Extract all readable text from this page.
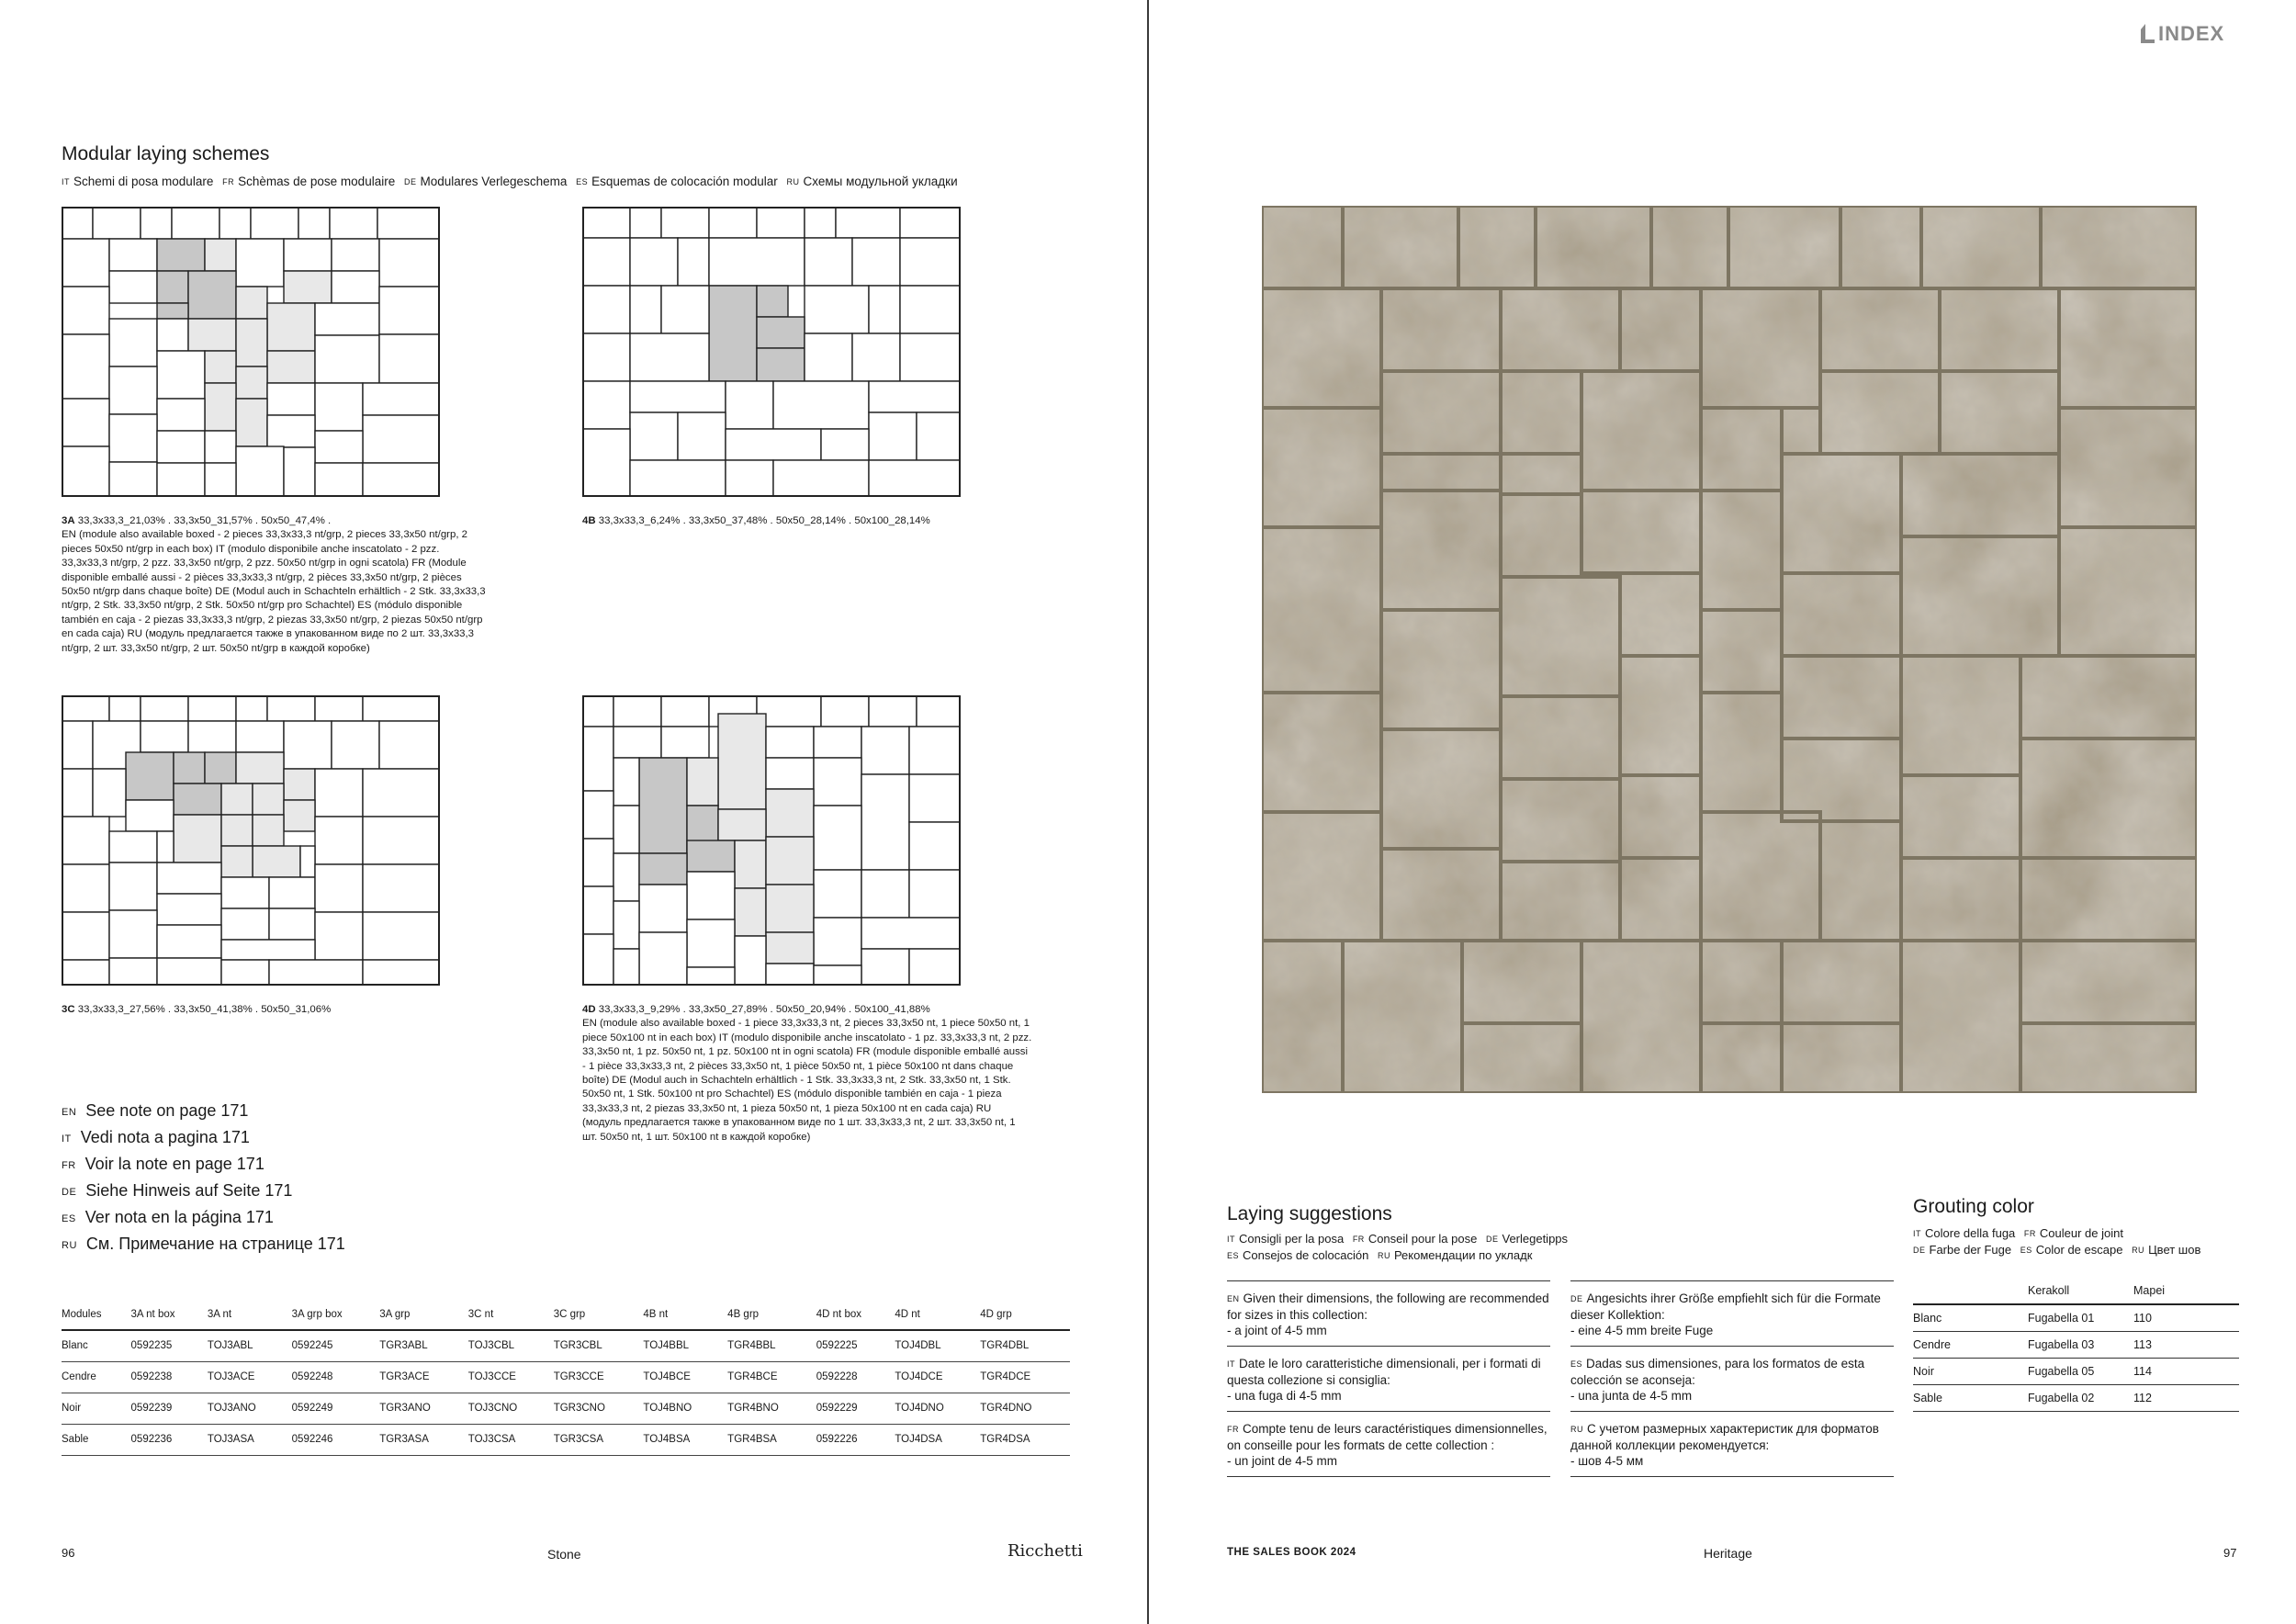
Modular laying schemes
IT Schemi di posa modulare FR Schèmas de pose modulaire DE Modulares Verlegeschema ES Esquemas de colocación modular RU Схемы модульной укладки
3A 33,3x33,3_21,03% . 33,3x50_31,57% . 50x50_47,4% .
EN (module also available boxed - 2 pieces 33,3x33,3 nt/grp, 2 pieces 33,3x50 nt/grp, 2 pieces 50x50 nt/grp in each box) IT (modulo disponibile anche inscatolato - 2 pzz. 33,3x33,3 nt/grp, 2 pzz. 33,3x50 nt/grp, 2 pzz. 50x50 nt/grp in ogni scatola) FR (Module disponible emballé aussi - 2 pièces 33,3x33,3 nt/grp, 2 pièces 33,3x50 nt/grp, 2 pièces 50x50 nt/grp dans chaque boîte) DE (Modul auch in Schachteln erhältlich - 2 Stk. 33,3x33,3 nt/grp, 2 Stk. 33,3x50 nt/grp, 2 Stk. 50x50 nt/grp pro Schachtel) ES (módulo disponible también en caja - 2 piezas 33,3x33,3 nt/grp, 2 piezas 33,3x50 nt/grp, 2 piezas 50x50 nt/grp en cada caja) RU (модуль предлагается также в упакованном виде по 2 шт. 33,3x33,3 nt/grp, 2 шт. 33,3x50 nt/grp, 2 шт. 50x50 nt/grp в каждой коробке)
4B 33,3x33,3_6,24% . 33,3x50_37,48% . 50x50_28,14% . 50x100_28,14%
3C 33,3x33,3_27,56% . 33,3x50_41,38% . 50x50_31,06%	4D 33,3x33,3_9,29% . 33,3x50_27,89% . 50x50_20,94% . 50x100_41,88%
EN (module also available boxed - 1 piece 33,3x33,3 nt, 2 pieces 33,3x50 nt, 1 piece 50x50 nt, 1 piece 50x100 nt in each box) IT (modulo disponibile anche inscatolato - 1 pz. 33,3x33,3 nt, 2 pzz. 33,3x50 nt, 1 pz. 50x50 nt, 1 pz. 50x100 nt in ogni scatola) FR (module disponible emballé aussi - 1 pièce 33,3x33,3 nt, 2 pièces 33,3x50 nt, 1 pièce 50x50 nt, 1 pièce 50x100 nt dans chaque boîte) DE (Modul auch in Schachteln erhältlich - 1 Stk. 33,3x33,3 nt, 2 Stk. 33,3x50 nt, 1 Stk. 50x50 nt, 1 Stk. 50x100 nt pro Schachtel) ES (módulo disponible también en caja - 1 pieza 33,3x33,3 nt, 2 piezas 33,3x50 nt, 1 pieza 50x50 nt, 1 pieza 50x100 nt en cada caja) RU (модуль предлагается также в упакованном виде по 1 шт. 33,3x33,3 nt, 2 шт. 33,3x50 nt, 1 шт. 50x50 nt, 1 шт. 50x100 nt в каждой коробке)
EN See note on page 171
IT Vedi nota a pagina 171
FR Voir la note en page 171
DE Siehe Hinweis auf Seite 171
ES Ver nota en la página 171
RU См. Примечание на странице 171
Modules	3A nt box	3A nt	3A grp box	3A grp	3C nt	3C grp	4B nt	4B grp	4D nt box	4D nt	4D grp
Blanc	0592235	TOJ3ABL	0592245	TGR3ABL	TOJ3CBL	TGR3CBL	TOJ4BBL	TGR4BBL	0592225	TOJ4DBL	TGR4DBL
Cendre	0592238	TOJ3ACE	0592248	TGR3ACE	TOJ3CCE	TGR3CCE	TOJ4BCE	TGR4BCE	0592228	TOJ4DCE	TGR4DCE
Noir	0592239	TOJ3ANO	0592249	TGR3ANO	TOJ3CNO	TGR3CNO	TOJ4BNO	TGR4BNO	0592229	TOJ4DNO	TGR4DNO
Sable	0592236	TOJ3ASA	0592246	TGR3ASA	TOJ3CSA	TGR3CSA	TOJ4BSA	TGR4BSA	0592226	TOJ4DSA	TGR4DSA
96	Stone	Ricchetti
INDEX
Laying suggestions
IT Consigli per la posa FR Conseil pour la pose DE Verlegetipps
ES Consejos de colocación RU Рекомендации по укладк
EN Given their dimensions, the following are recommended for sizes in this collection:
- a joint of 4-5 mm
IT Date le loro caratteristiche dimensionali, per i formati di questa collezione si consiglia:
- una fuga di 4-5 mm
FR Compte tenu de leurs caractéristiques dimensionnelles, on conseille pour les formats de cette collection :
- un joint de 4-5 mm
DE Angesichts ihrer Größe empfiehlt sich für die Formate dieser Kollektion:
- eine 4-5 mm breite Fuge
ES Dadas sus dimensiones, para los formatos de esta colección se aconseja:
- una junta de 4-5 mm
RU С учетом размерных характеристик для форматов данной коллекции рекомендуется:
- шов 4-5 мм
Grouting color
IT Colore della fuga FR Couleur de joint
DE Farbe der Fuge ES Color de escape RU Цвет шов
	Kerakoll	Mapei
Blanc	Fugabella 01	110
Cendre	Fugabella 03	113
Noir	Fugabella 05	114
Sable	Fugabella 02	112
THE SALES BOOK 2024	Heritage	97
